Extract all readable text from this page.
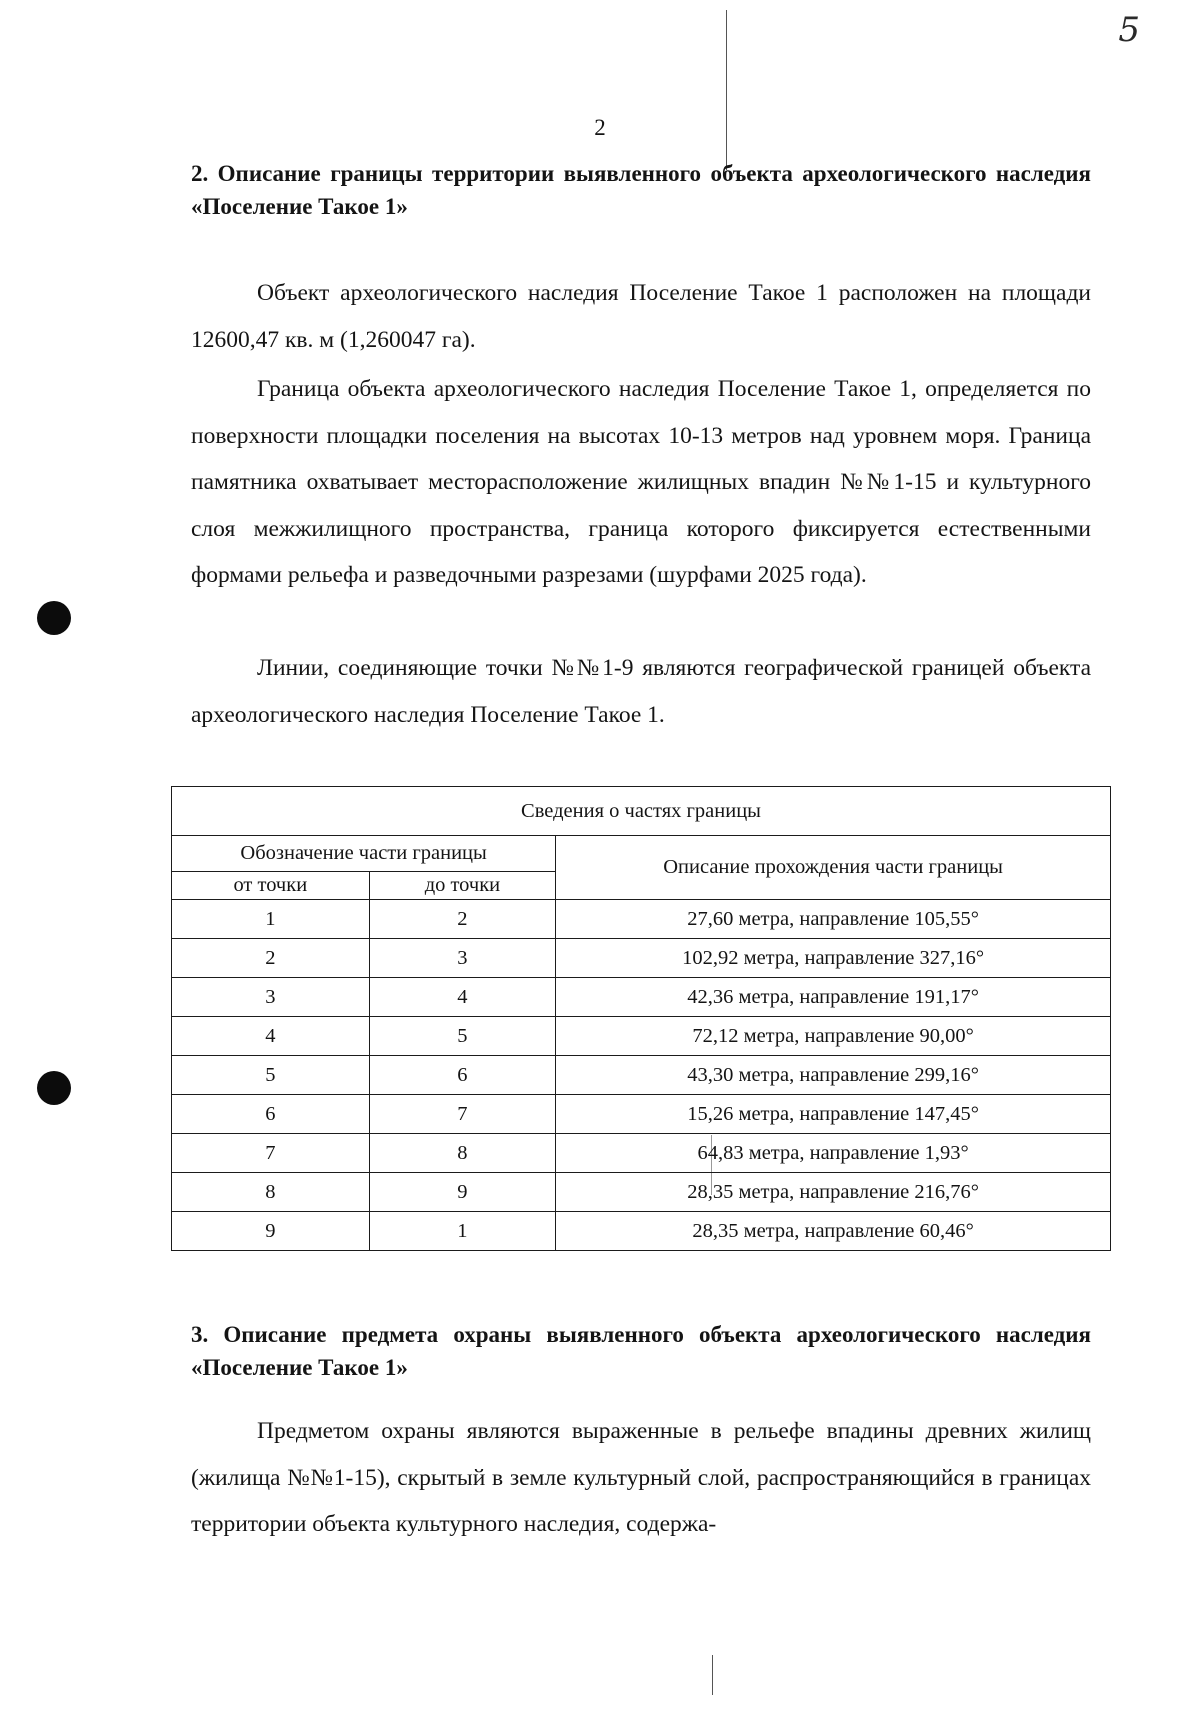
5
2
2. Описание границы территории выявленного объекта археологического наследия «Поселение Такое 1»

Объект археологического наследия Поселение Такое 1 расположен на площади 12600,47 кв. м (1,260047 га).

Граница объекта археологического наследия Поселение Такое 1, определяется по поверхности площадки поселения на высотах 10-13 метров над уровнем моря. Граница памятника охватывает месторасположение жилищных впадин №№1-15 и культурного слоя межжилищного пространства, граница которого фиксируется естественными формами рельефа и разведочными разрезами (шурфами 2025 года).

Линии, соединяющие точки №№1-9 являются географической границей объекта археологического наследия Поселение Такое 1.

Сведения о частях границы		
Обозначение части границы		Описание прохождения части границы
от точки	до точки	
1	2	27,60 метра, направление 105,55°
2	3	102,92 метра, направление 327,16°
3	4	42,36 метра, направление 191,17°
4	5	72,12 метра, направление 90,00°
5	6	43,30 метра, направление 299,16°
6	7	15,26 метра, направление 147,45°
7	8	64,83 метра, направление 1,93°
8	9	28,35 метра, направление 216,76°
9	1	28,35 метра, направление 60,46°
3. Описание предмета охраны выявленного объекта археологического наследия «Поселение Такое 1»

Предметом охраны являются выраженные в рельефе впадины древних жилищ (жилища №№1-15), скрытый в земле культурный слой, распространяющийся в границах территории объекта культурного наследия, содержа-
